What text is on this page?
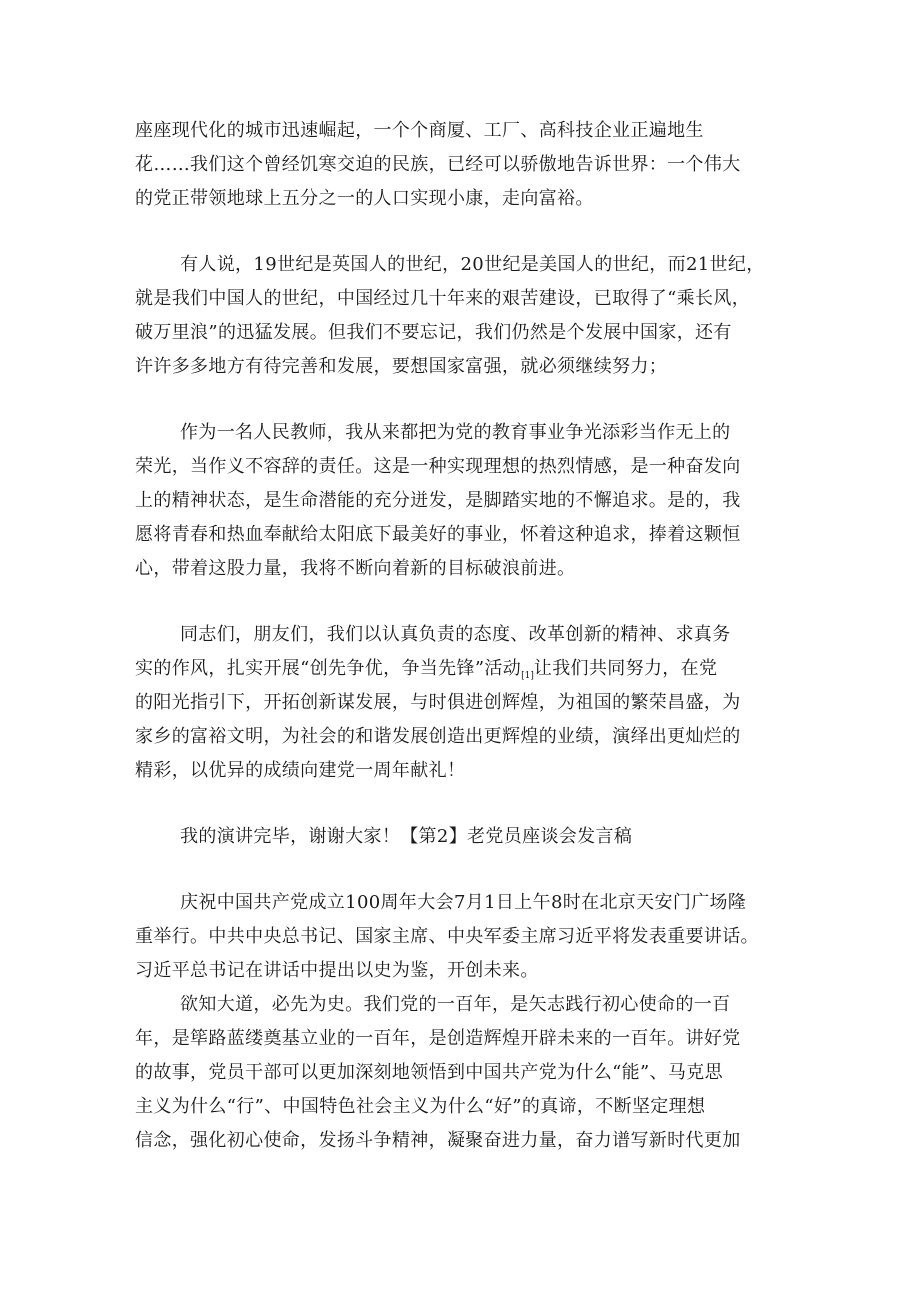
座座现代化的城市迅速崛起，一个个商厦、工厂、高科技企业正遍地生
花……我们这个曾经饥寒交迫的民族，已经可以骄傲地告诉世界：一个伟大
的党正带领地球上五分之一的人口实现小康，走向富裕。
有人说，19世纪是英国人的世纪，20世纪是美国人的世纪，而21世纪，
就是我们中国人的世纪，中国经过几十年来的艰苦建设，已取得了“乘长风，
破万里浪”的迅猛发展。但我们不要忘记，我们仍然是个发展中国家，还有
许许多多地方有待完善和发展，要想国家富强，就必须继续努力；
作为一名人民教师，我从来都把为党的教育事业争光添彩当作无上的
荣光，当作义不容辞的责任。这是一种实现理想的热烈情感，是一种奋发向
上的精神状态，是生命潜能的充分迸发，是脚踏实地的不懈追求。是的，我
愿将青春和热血奉献给太阳底下最美好的事业，怀着这种追求，捧着这颗恒
心，带着这股力量，我将不断向着新的目标破浪前进。
同志们，朋友们，我们以认真负责的态度、改革创新的精神、求真务
实的作风，扎实开展“创先争优，争当先锋”活动$_{[1]}$让我们共同努力，在党
的阳光指引下，开拓创新谋发展，与时俱进创辉煌，为祖国的繁荣昌盛，为
家乡的富裕文明，为社会的和谐发展创造出更辉煌的业绩，演绎出更灿烂的
精彩，以优异的成绩向建党一周年献礼！
我的演讲完毕，谢谢大家！【第2】老党员座谈会发言稿
庆祝中国共产党成立100周年大会7月1日上午8时在北京天安门广场隆
重举行。中共中央总书记、国家主席、中央军委主席习近平将发表重要讲话。
习近平总书记在讲话中提出以史为鉴，开创未来。
欲知大道，必先为史。我们党的一百年，是矢志践行初心使命的一百
年，是筚路蓝缕奠基立业的一百年，是创造辉煌开辟未来的一百年。讲好党
的故事，党员干部可以更加深刻地领悟到中国共产党为什么“能”、马克思
主义为什么“行”、中国特色社会主义为什么“好”的真谛，不断坚定理想
信念，强化初心使命，发扬斗争精神，凝聚奋进力量，奋力谱写新时代更加
